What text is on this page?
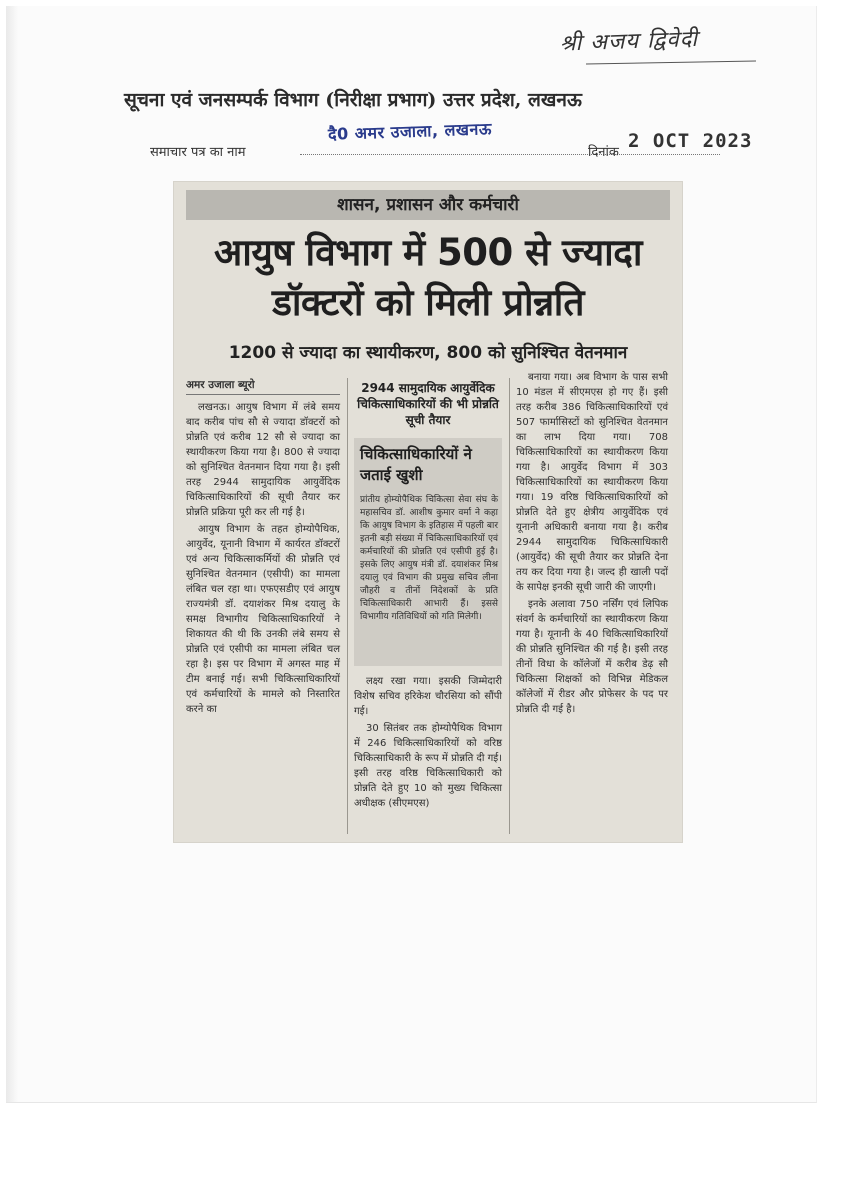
श्री अजय द्विवेदी
सूचना एवं जनसम्पर्क विभाग (निरीक्षा प्रभाग) उत्तर प्रदेश, लखनऊ
समाचार पत्र का नाम
दै0 अमर उजाला, लखनऊ
दिनांक
2 OCT 2023
शासन, प्रशासन और कर्मचारी
आयुष विभाग में 500 से ज्यादा
डॉक्टरों को मिली प्रोन्नति
1200 से ज्यादा का स्थायीकरण, 800 को सुनिश्चित वेतनमान
अमर उजाला ब्यूरो

लखनऊ। आयुष विभाग में लंबे समय बाद करीब पांच सौ से ज्यादा डॉक्टरों को प्रोन्नति एवं करीब 12 सौ से ज्यादा का स्थायीकरण किया गया है। 800 से ज्यादा को सुनिश्चित वेतनमान दिया गया है। इसी तरह 2944 सामुदायिक आयुर्वेदिक चिकित्साधिकारियों की सूची तैयार कर प्रोन्नति प्रक्रिया पूरी कर ली गई है।

आयुष विभाग के तहत होम्योपैथिक, आयुर्वेद, यूनानी विभाग में कार्यरत डॉक्टरों एवं अन्य चिकित्साकर्मियों की प्रोन्नति एवं सुनिश्चित वेतनमान (एसीपी) का मामला लंबित चल रहा था। एफएसडीए एवं आयुष राज्यमंत्री डॉ. दयाशंकर मिश्र दयालु के समक्ष विभागीय चिकित्साधिकारियों ने शिकायत की थी कि उनकी लंबे समय से प्रोन्नति एवं एसीपी का मामला लंबित चल रहा है। इस पर विभाग में अगस्त माह में टीम बनाई गई। सभी चिकित्साधिकारियों एवं कर्मचारियों के मामले को निस्तारित करने का

2944 सामुदायिक आयुर्वेदिक चिकित्साधिकारियों की भी प्रोन्नति सूची तैयार
चिकित्साधिकारियों ने जताई खुशी
प्रांतीय होम्योपैथिक चिकित्सा सेवा संघ के महासचिव डॉ. आशीष कुमार वर्मा ने कहा कि आयुष विभाग के इतिहास में पहली बार इतनी बड़ी संख्या में चिकित्साधिकारियों एवं कर्मचारियों की प्रोन्नति एवं एसीपी हुई है। इसके लिए आयुष मंत्री डॉ. दयाशंकर मिश्र दयालु एवं विभाग की प्रमुख सचिव लीना जौहरी व तीनों निदेशकों के प्रति चिकित्साधिकारी आभारी हैं। इससे विभागीय गतिविधियों को गति मिलेगी।

लक्ष्य रखा गया। इसकी जिम्मेदारी विशेष सचिव हरिकेश चौरसिया को सौंपी गई।

30 सितंबर तक होम्योपैथिक विभाग में 246 चिकित्साधिकारियों को वरिष्ठ चिकित्साधिकारी के रूप में प्रोन्नति दी गई। इसी तरह वरिष्ठ चिकित्साधिकारी को प्रोन्नति देते हुए 10 को मुख्य चिकित्सा अधीक्षक (सीएमएस)

बनाया गया। अब विभाग के पास सभी 10 मंडल में सीएमएस हो गए हैं। इसी तरह करीब 386 चिकित्साधिकारियों एवं 507 फार्मासिस्टों को सुनिश्चित वेतनमान का लाभ दिया गया। 708 चिकित्साधिकारियों का स्थायीकरण किया गया है। आयुर्वेद विभाग में 303 चिकित्साधिकारियों का स्थायीकरण किया गया। 19 वरिष्ठ चिकित्साधिकारियों को प्रोन्नति देते हुए क्षेत्रीय आयुर्वेदिक एवं यूनानी अधिकारी बनाया गया है। करीब 2944 सामुदायिक चिकित्साधिकारी (आयुर्वेद) की सूची तैयार कर प्रोन्नति देना तय कर दिया गया है। जल्द ही खाली पदों के सापेक्ष इनकी सूची जारी की जाएगी।

इनके अलावा 750 नर्सिंग एवं लिपिक संवर्ग के कर्मचारियों का स्थायीकरण किया गया है। यूनानी के 40 चिकित्साधिकारियों की प्रोन्नति सुनिश्चित की गई है। इसी तरह तीनों विधा के कॉलेजों में करीब डेढ़ सौ चिकित्सा शिक्षकों को विभिन्न मेडिकल कॉलेजों में रीडर और प्रोफेसर के पद पर प्रोन्नति दी गई है।
